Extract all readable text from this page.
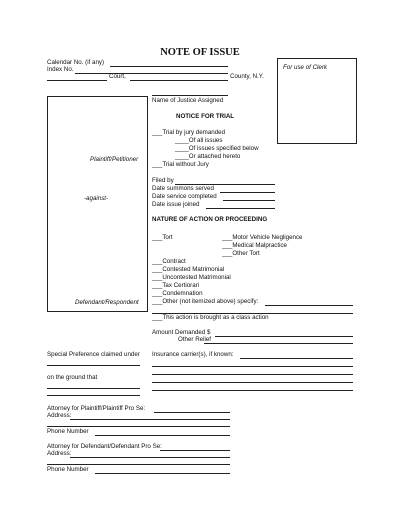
NOTE OF ISSUE
Calendar No. (if any)
Index No.
Court,	County, N.Y.
For use of Clerk
Plaintiff/Petitioner
-against-
Defendant/Respondent
Name of Justice Assigned
NOTICE FOR TRIAL
___Trial by jury demanded
____Of all issues
____Of issues specified below
____Or attached hereto
___Trial without Jury
Filed by
Date summons served
Date service completed
Date issue joined
NATURE OF ACTION OR PROCEEDING
___Tort	___Motor Vehicle Negligence
___Medical Malpractice
___Other Tort
___Contract
___Contested Matrimonial
___Uncontested Matrimonial
___Tax Certiorari
___Condemnation
___Other (not itemized above) specify:
___This action is brought as a class action
Amount Demanded $
Other Relief
Special Preference claimed under
on the ground that
Insurance carrier(s), if known:
Attorney for Plaintiff/Plaintiff Pro Se:
Address:
Phone Number
Attorney for Defendant/Defendant Pro Se:
Address:
Phone Number
